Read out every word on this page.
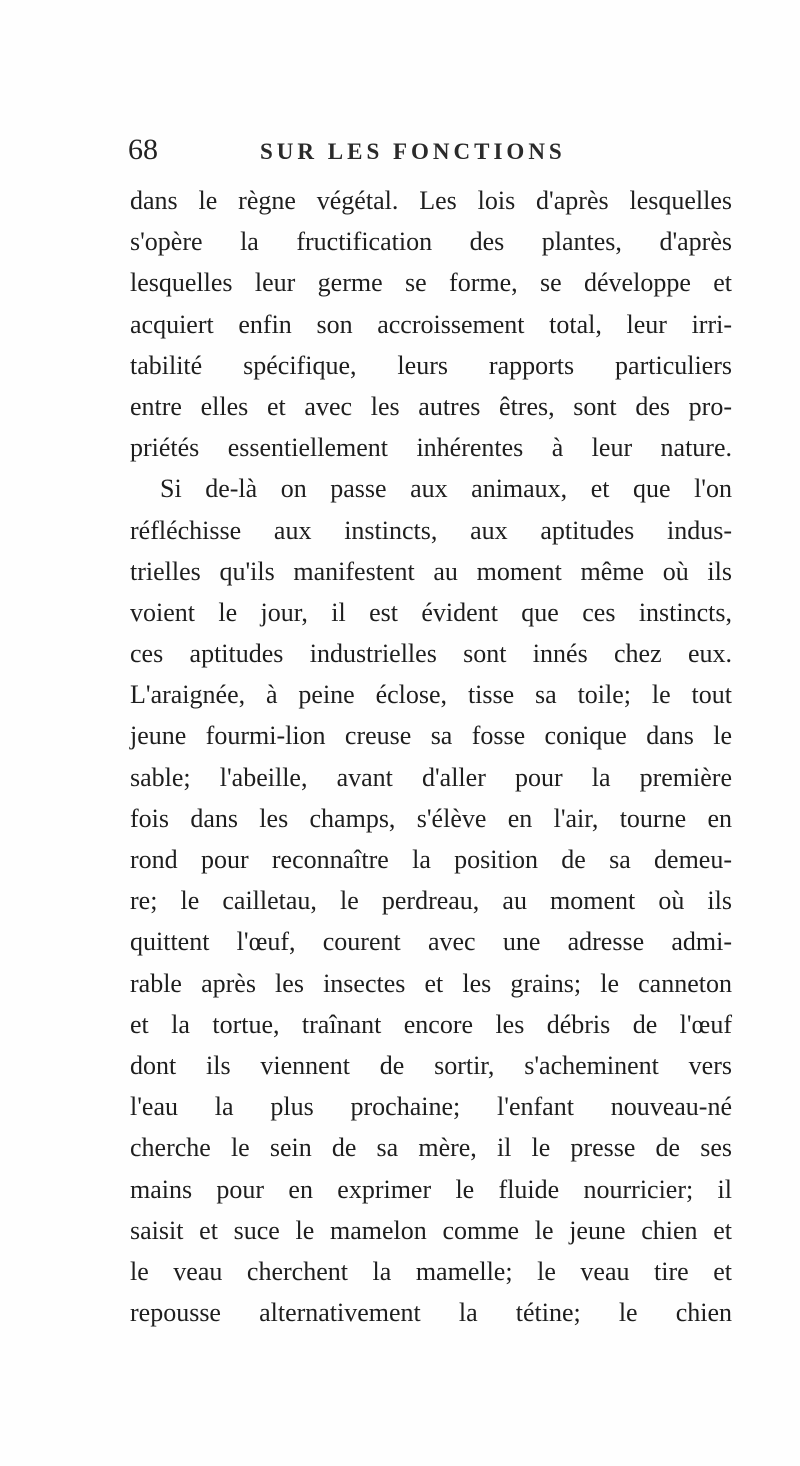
68	SUR LES FONCTIONS
dans le règne végétal. Les lois d'après lesquelles
s'opère la fructification des plantes, d'après
lesquelles leur germe se forme, se développe et
acquiert enfin son accroissement total, leur irri-
tabilité spécifique, leurs rapports particuliers
entre elles et avec les autres êtres, sont des pro-
priétés essentiellement inhérentes à leur nature.
Si de-là on passe aux animaux, et que l'on
réfléchisse aux instincts, aux aptitudes indus-
trielles qu'ils manifestent au moment même où ils
voient le jour, il est évident que ces instincts,
ces aptitudes industrielles sont innés chez eux.
L'araignée, à peine éclose, tisse sa toile; le tout
jeune fourmi-lion creuse sa fosse conique dans le
sable; l'abeille, avant d'aller pour la première
fois dans les champs, s'élève en l'air, tourne en
rond pour reconnaître la position de sa demeu-
re; le cailletau, le perdreau, au moment où ils
quittent l'œuf, courent avec une adresse admi-
rable après les insectes et les grains; le canneton
et la tortue, traînant encore les débris de l'œuf
dont ils viennent de sortir, s'acheminent vers
l'eau la plus prochaine; l'enfant nouveau-né
cherche le sein de sa mère, il le presse de ses
mains pour en exprimer le fluide nourricier; il
saisit et suce le mamelon comme le jeune chien et
le veau cherchent la mamelle; le veau tire et
repousse alternativement la tétine; le chien
